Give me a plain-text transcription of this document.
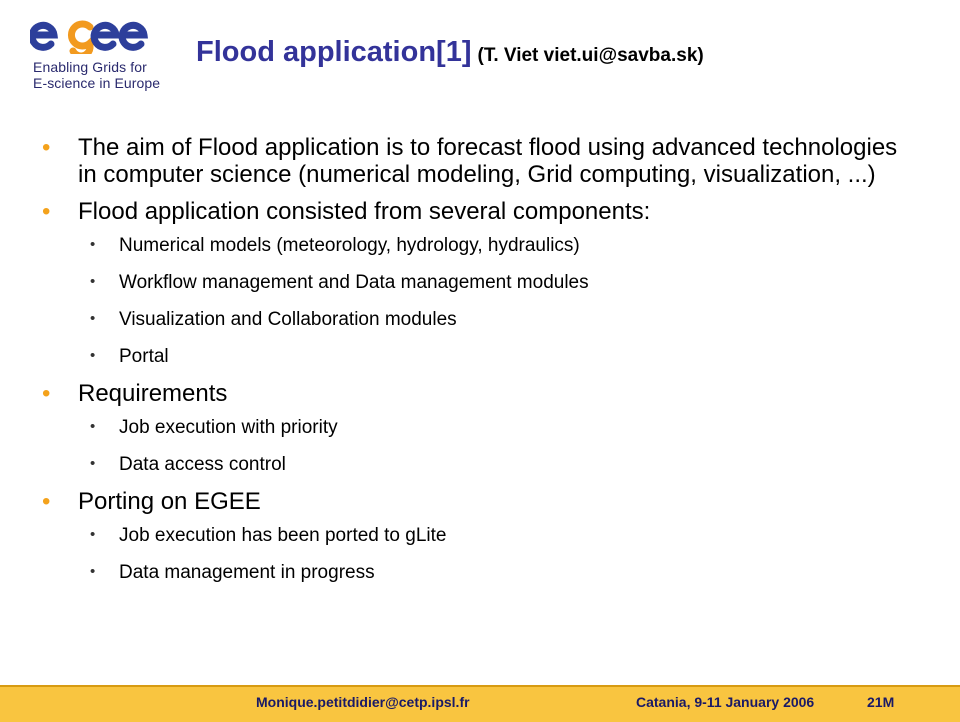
Enabling Grids for
E-science in Europe
Flood application[1] (T. Viet viet.ui@savba.sk)
• The aim of Flood application is to forecast flood using advanced technologies in computer science (numerical modeling, Grid computing, visualization, ...)
• Flood application consisted from several components:
• Numerical models (meteorology, hydrology, hydraulics)
• Workflow management and Data management modules
• Visualization and Collaboration modules
• Portal
• Requirements
• Job execution with priority
• Data access control
• Porting on EGEE
• Job execution has been ported to gLite
• Data management in progress
Monique.petitdidier@cetp.ipsl.fr	Catania, 9-11 January 2006	21M
